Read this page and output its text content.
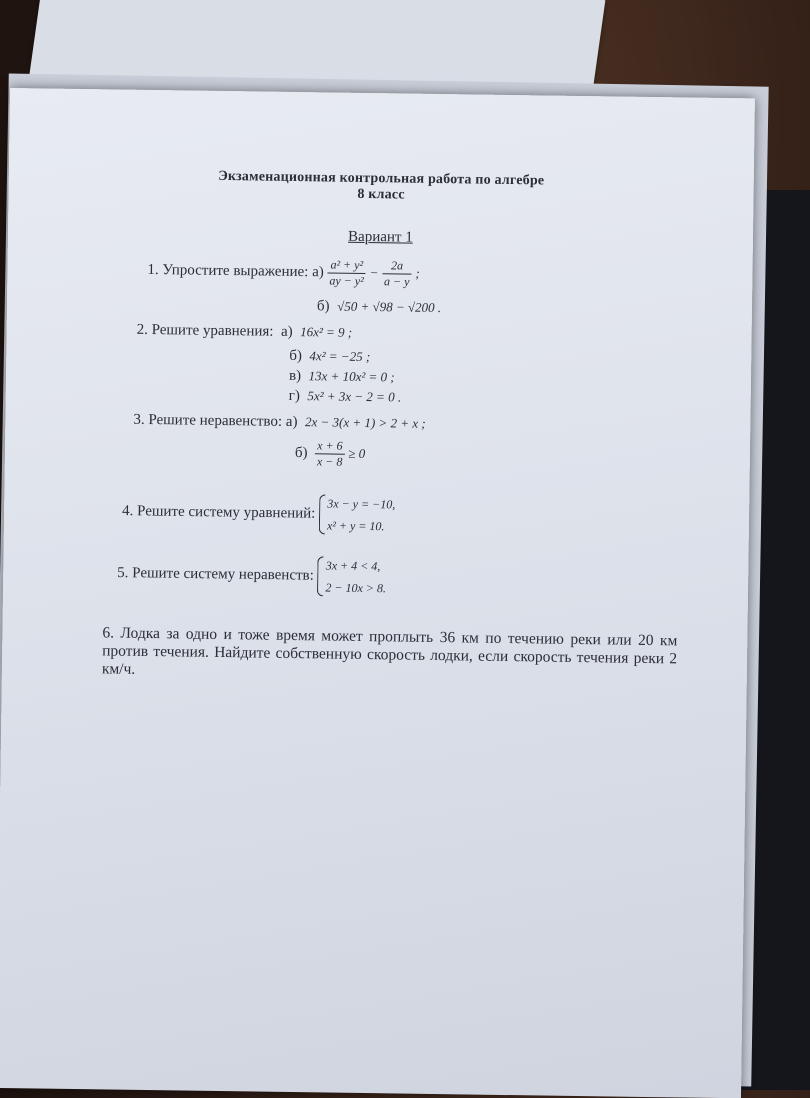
Экзаменационная контрольная работа по алгебре
8 класс
Вариант 1
1. Упростите выражение: $а) \frac{\text{a² + y²}}{\text{ay − y²}} - \frac{2a}{a - y}$ ;
б) √50 + √98 − √200 .
2. Решите уравнения: а) 16x² = 9 ;
б) 4x² = −25 ;
в) 13x + 10x² = 0 ;
г) 5x² + 3x − 2 = 0 .
3. Решите неравенство: а) 2x − 3(x + 1) > 2 + x ;
$б) \frac{x + 6}{x - 8} \ge 0$
4. Решите систему уравнений: 3x − y = −10,
x² + y = 10.
5. Решите систему неравенств: 3x + 4 < 4,
2 − 10x > 8.
6. Лодка за одно и тоже время может проплыть 36 км по течению реки или 20 км против течения. Найдите собственную скорость лодки, если скорость течения реки 2 км/ч.
